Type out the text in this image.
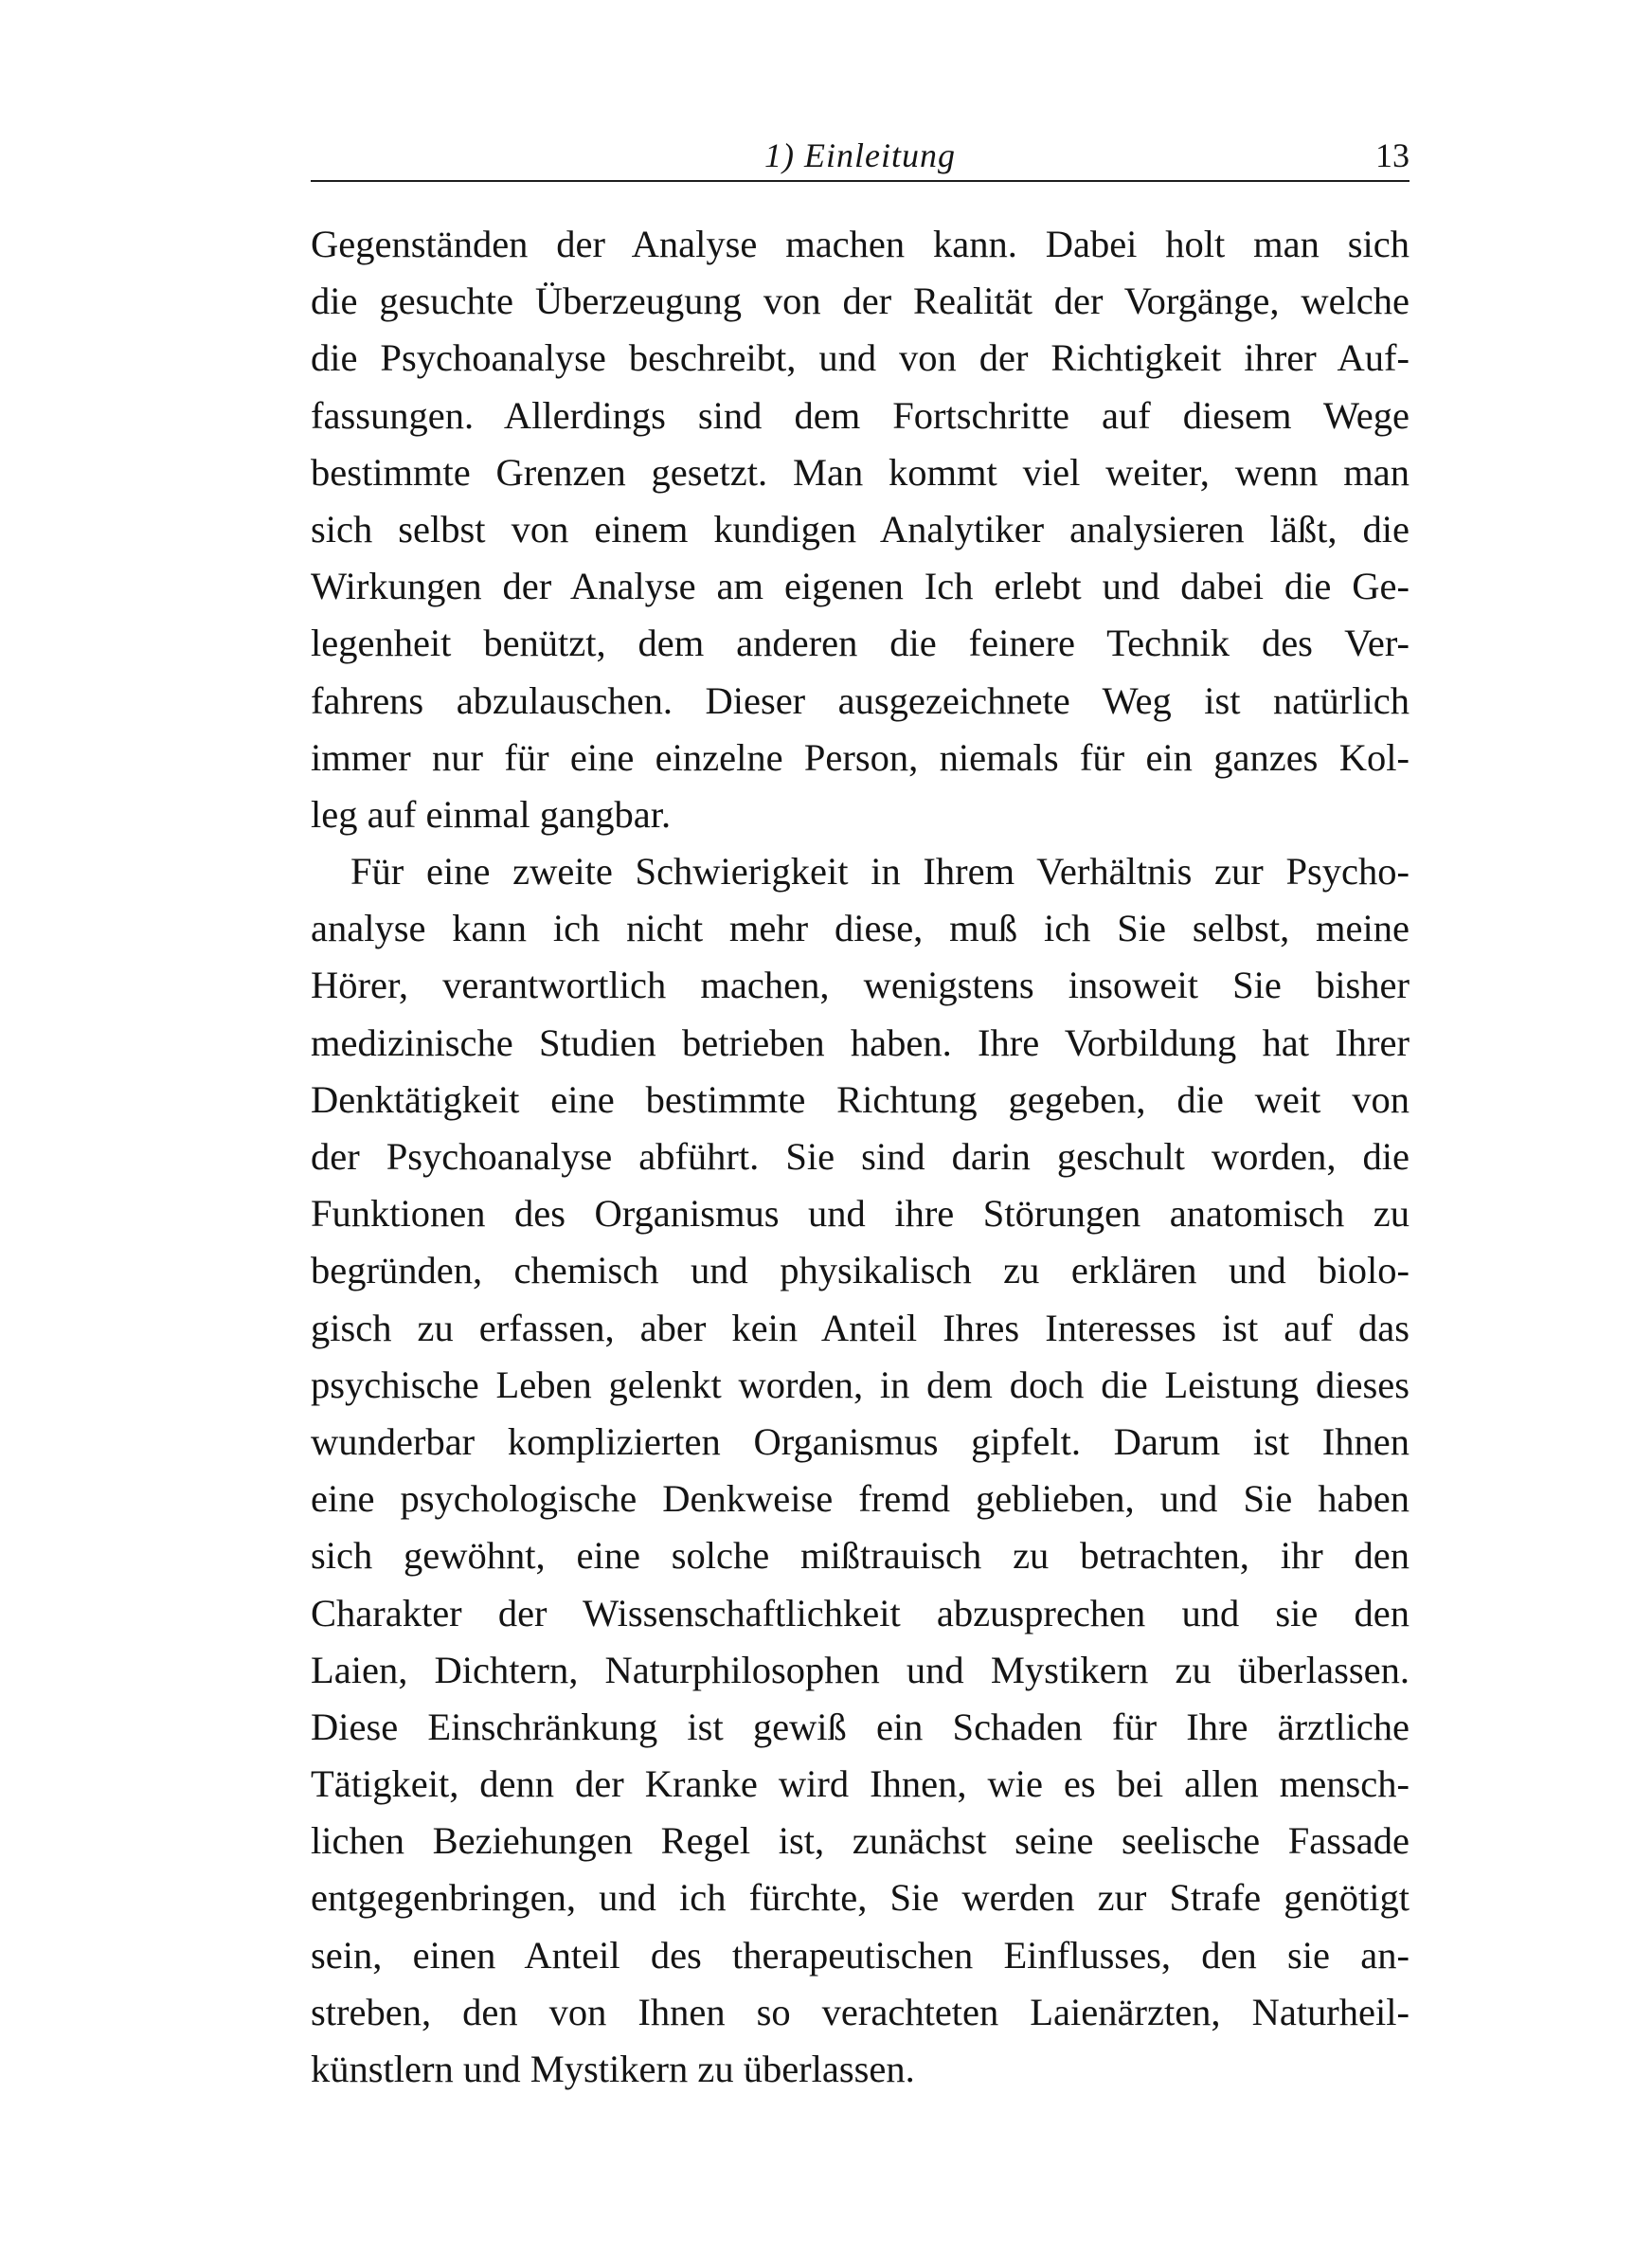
1) Einleitung	13
Gegenständen der Analyse machen kann. Dabei holt man sich
die gesuchte Überzeugung von der Realität der Vorgänge, welche
die Psychoanalyse beschreibt, und von der Richtigkeit ihrer Auf-
fassungen. Allerdings sind dem Fortschritte auf diesem Wege
bestimmte Grenzen gesetzt. Man kommt viel weiter, wenn man
sich selbst von einem kundigen Analytiker analysieren läßt, die
Wirkungen der Analyse am eigenen Ich erlebt und dabei die Ge-
legenheit benützt, dem anderen die feinere Technik des Ver-
fahrens abzulauschen. Dieser ausgezeichnete Weg ist natürlich
immer nur für eine einzelne Person, niemals für ein ganzes Kol-
leg auf einmal gangbar.
Für eine zweite Schwierigkeit in Ihrem Verhältnis zur Psycho-
analyse kann ich nicht mehr diese, muß ich Sie selbst, meine
Hörer, verantwortlich machen, wenigstens insoweit Sie bisher
medizinische Studien betrieben haben. Ihre Vorbildung hat Ihrer
Denktätigkeit eine bestimmte Richtung gegeben, die weit von
der Psychoanalyse abführt. Sie sind darin geschult worden, die
Funktionen des Organismus und ihre Störungen anatomisch zu
begründen, chemisch und physikalisch zu erklären und biolo-
gisch zu erfassen, aber kein Anteil Ihres Interesses ist auf das
psychische Leben gelenkt worden, in dem doch die Leistung dieses
wunderbar komplizierten Organismus gipfelt. Darum ist Ihnen
eine psychologische Denkweise fremd geblieben, und Sie haben
sich gewöhnt, eine solche mißtrauisch zu betrachten, ihr den
Charakter der Wissenschaftlichkeit abzusprechen und sie den
Laien, Dichtern, Naturphilosophen und Mystikern zu überlassen.
Diese Einschränkung ist gewiß ein Schaden für Ihre ärztliche
Tätigkeit, denn der Kranke wird Ihnen, wie es bei allen mensch-
lichen Beziehungen Regel ist, zunächst seine seelische Fassade
entgegenbringen, und ich fürchte, Sie werden zur Strafe genötigt
sein, einen Anteil des therapeutischen Einflusses, den sie an-
streben, den von Ihnen so verachteten Laienärzten, Naturheil-
künstlern und Mystikern zu überlassen.
